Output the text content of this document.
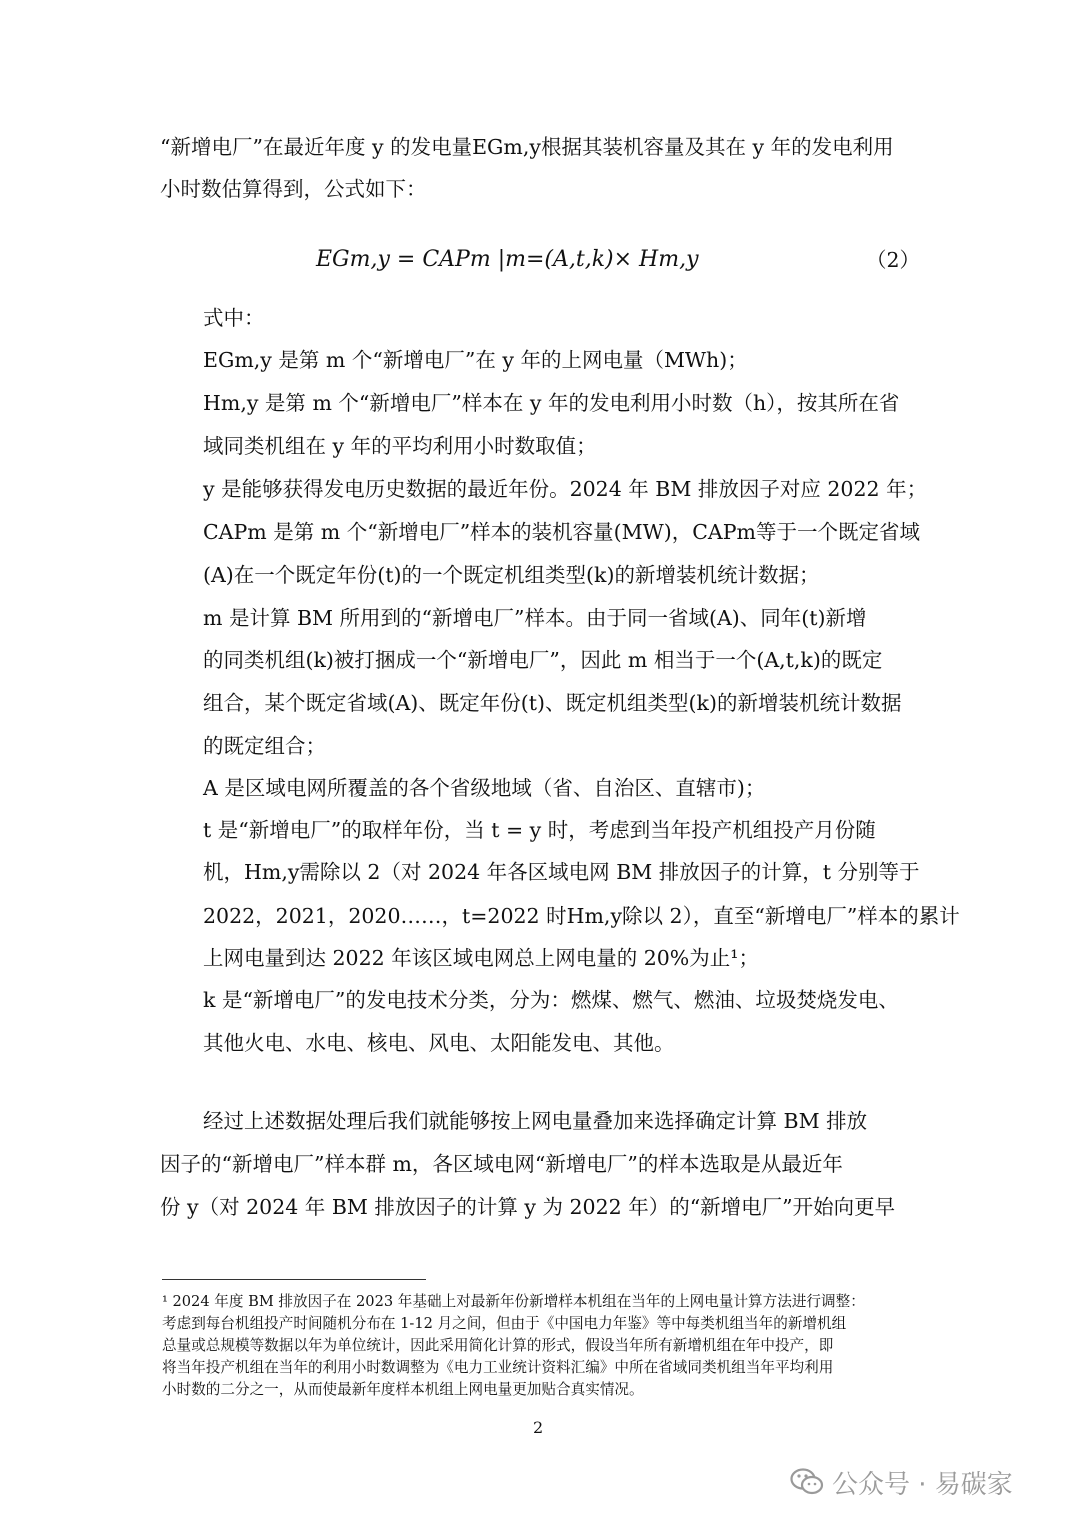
“新增电厂”在最近年度 y 的发电量EGm,y根据其装机容量及其在 y 年的发电利用
小时数估算得到，公式如下：
EGm,y = CAPm |m=(A,t,k)× Hm,y	（2）
式中：
EGm,y 是第 m 个“新增电厂”在 y 年的上网电量（MWh)；
Hm,y 是第 m 个“新增电厂”样本在 y 年的发电利用小时数（h），按其所在省
域同类机组在 y 年的平均利用小时数取值；
y 是能够获得发电历史数据的最近年份。2024 年 BM 排放因子对应 2022 年；
CAPm 是第 m 个“新增电厂”样本的装机容量(MW)，CAPm等于一个既定省域
(A)在一个既定年份(t)的一个既定机组类型(k)的新增装机统计数据；
m 是计算 BM 所用到的“新增电厂”样本。由于同一省域(A)、同年(t)新增
的同类机组(k)被打捆成一个“新增电厂”，因此 m 相当于一个(A,t,k)的既定
组合，某个既定省域(A)、既定年份(t)、既定机组类型(k)的新增装机统计数据
的既定组合；
A 是区域电网所覆盖的各个省级地域（省、自治区、直辖市)；
t 是“新增电厂”的取样年份，当 t = y 时，考虑到当年投产机组投产月份随
机，Hm,y需除以 2（对 2024 年各区域电网 BM 排放因子的计算，t 分别等于
2022，2021，2020……，t=2022 时Hm,y除以 2），直至“新增电厂”样本的累计
上网电量到达 2022 年该区域电网总上网电量的 20%为止¹；
k 是“新增电厂”的发电技术分类，分为：燃煤、燃气、燃油、垃圾焚烧发电、
其他火电、水电、核电、风电、太阳能发电、其他。
经过上述数据处理后我们就能够按上网电量叠加来选择确定计算 BM 排放
因子的“新增电厂”样本群 m，各区域电网“新增电厂”的样本选取是从最近年
份 y（对 2024 年 BM 排放因子的计算 y 为 2022 年）的“新增电厂”开始向更早
¹ 2024 年度 BM 排放因子在 2023 年基础上对最新年份新增样本机组在当年的上网电量计算方法进行调整：
考虑到每台机组投产时间随机分布在 1-12 月之间，但由于《中国电力年鉴》等中每类机组当年的新增机组
总量或总规模等数据以年为单位统计，因此采用简化计算的形式，假设当年所有新增机组在年中投产，即
将当年投产机组在当年的利用小时数调整为《电力工业统计资料汇编》中所在省域同类机组当年平均利用
小时数的二分之一，从而使最新年度样本机组上网电量更加贴合真实情况。
2
公众号 · 易碳家
